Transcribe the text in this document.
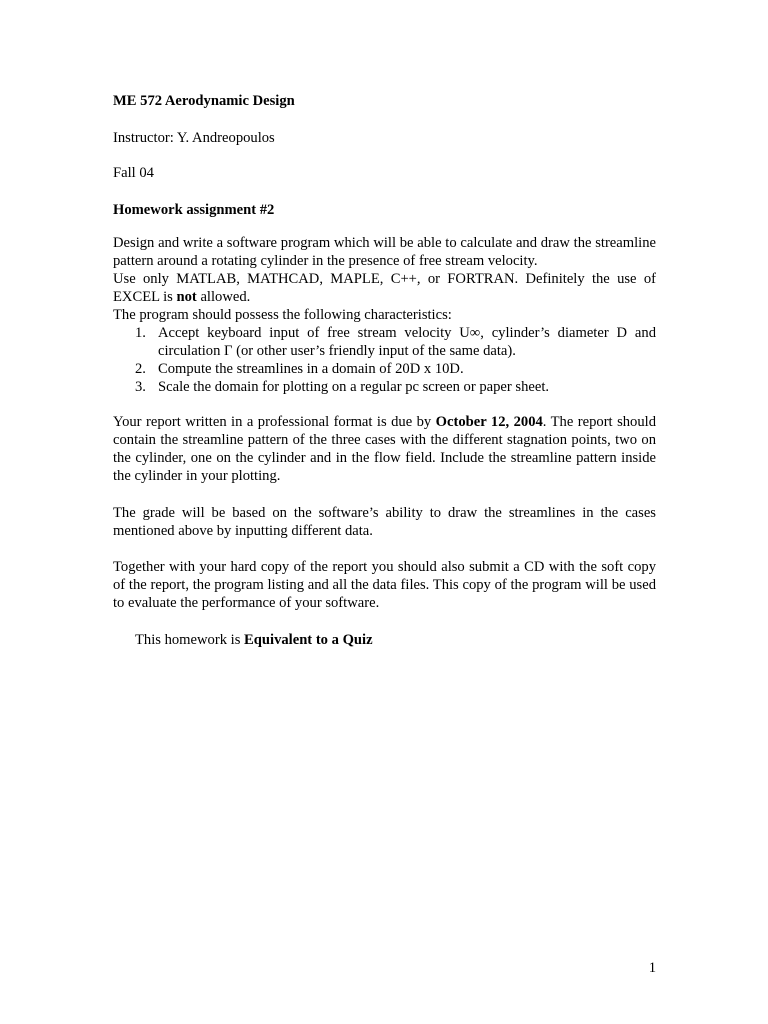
ME 572 Aerodynamic Design
Instructor: Y. Andreopoulos
Fall 04
Homework assignment #2

Design and write a software program which will be able to calculate and draw the streamline pattern around a rotating cylinder in the presence of free stream velocity.

Use only MATLAB, MATHCAD, MAPLE, C++, or FORTRAN. Definitely the use of EXCEL is not allowed.

The program should possess the following characteristics:

1. Accept keyboard input of free stream velocity U∞, cylinder’s diameter D and circulation Γ (or other user’s friendly input of the same data).
2. Compute the streamlines in a domain of 20D x 10D.
3. Scale the domain for plotting on a regular pc screen or paper sheet.

Your report written in a professional format is due by October 12, 2004. The report should contain the streamline pattern of the three cases with the different stagnation points, two on the cylinder, one on the cylinder and in the flow field. Include the streamline pattern inside the cylinder in your plotting.

The grade will be based on the software’s ability to draw the streamlines in the cases mentioned above by inputting different data.

Together with your hard copy of the report you should also submit a CD with the soft copy of the report, the program listing and all the data files. This copy of the program will be used to evaluate the performance of your software.

This homework is Equivalent to a Quiz
1
